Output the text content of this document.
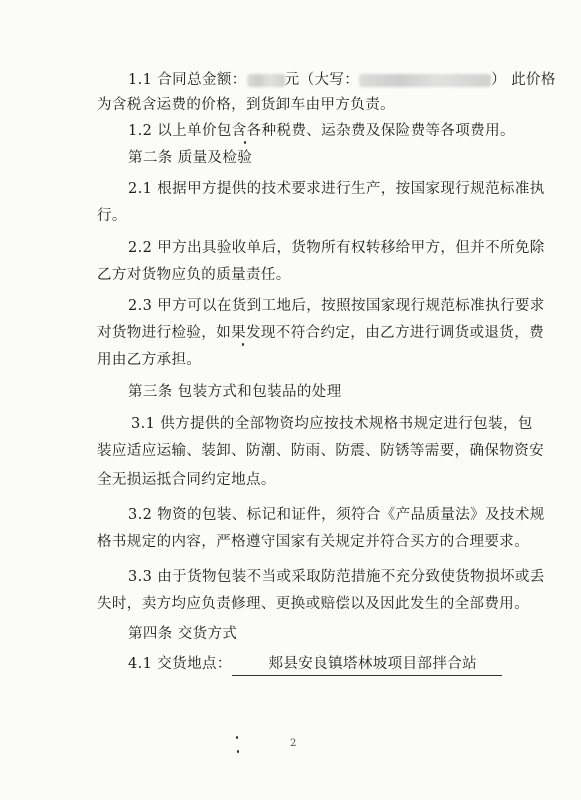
1.1 合同总金额：	元（大写：	） 此价格
为含税含运费的价格，到货卸车由甲方负责。
1.2 以上单价包含各种税费、运杂费及保险费等各项费用。
第二条 质量及检验
2.1 根据甲方提供的技术要求进行生产，按国家现行规范标准执
行。
2.2 甲方出具验收单后，货物所有权转移给甲方，但并不所免除
乙方对货物应负的质量责任。
2.3 甲方可以在货到工地后，按照按国家现行规范标准执行要求
对货物进行检验，如果发现不符合约定，由乙方进行调货或退货，费
用由乙方承担。
第三条 包装方式和包装品的处理
3.1 供方提供的全部物资均应按技术规格书规定进行包装，包
装应适应运输、装卸、防潮、防雨、防震、防锈等需要，确保物资安
全无损运抵合同约定地点。
3.2 物资的包装、标记和证件，须符合《产品质量法》及技术规
格书规定的内容，严格遵守国家有关规定并符合买方的合理要求。
3.3 由于货物包装不当或采取防范措施不充分致使货物损坏或丢
失时，卖方均应负责修理、更换或赔偿以及因此发生的全部费用。
第四条 交货方式
4.1 交货地点：	郏县安良镇塔林坡项目部拌合站
2
